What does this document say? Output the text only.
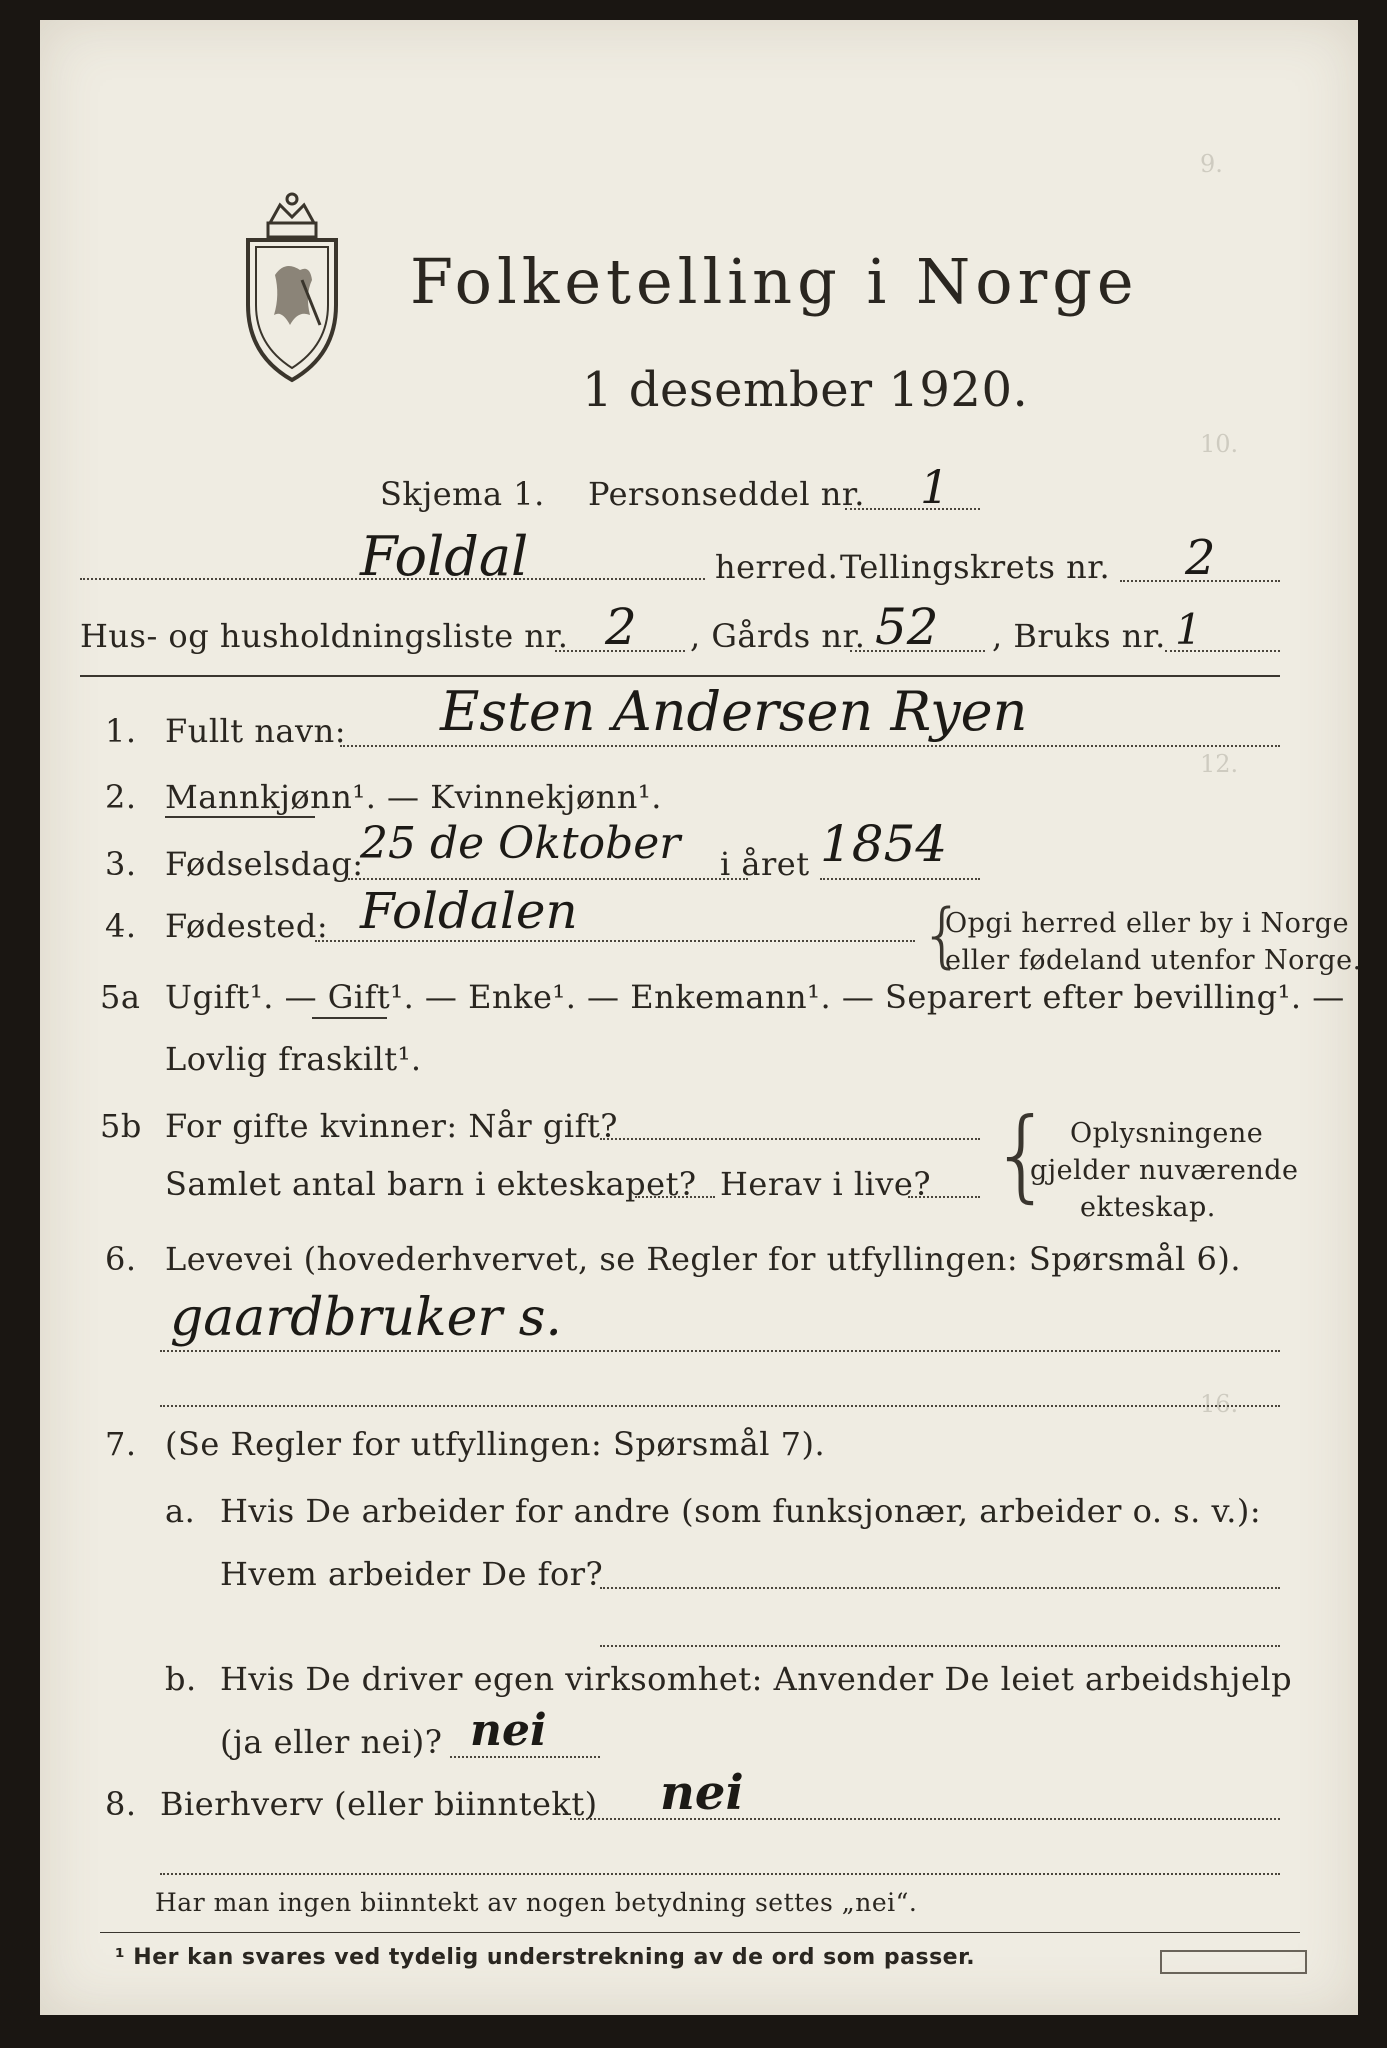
9.
10.
12.
16.
Folketelling i Norge
1 desember 1920.
Skjema 1. Personseddel nr. 1
Foldal	herred. Tellingskrets nr. 2
Hus- og husholdningsliste nr. 2 , Gårds nr. 52 , Bruks nr. 1
1. Fullt navn: Esten Andersen Ryen
2. Mannkjønn¹. — Kvinnekjønn¹.
3. Fødselsdag:
25 de Oktober i året 1854
4. Fødested: Foldalen	{
Opgi herred eller by i Norge
eller fødeland utenfor Norge.
5a Ugift¹. — Gift¹. — Enke¹. — Enkemann¹. — Separert efter bevilling¹. —
Lovlig fraskilt¹.
5b For gifte kvinner: Når gift?
Samlet antal barn i ekteskapet? Herav i live? { Oplysningene
gjelder nuværende
ekteskap.
6. Levevei (hovederhvervet, se Regler for utfyllingen: Spørsmål 6).
gaardbruker s.
7. (Se Regler for utfyllingen: Spørsmål 7).
a. Hvis De arbeider for andre (som funksjonær, arbeider o. s. v.):
Hvem arbeider De for?
b. Hvis De driver egen virksomhet: Anvender De leiet arbeidshjelp
(ja eller nei)? nei
8. Bierhverv (eller biinntekt) nei
Har man ingen biinntekt av nogen betydning settes „nei“.
¹ Her kan svares ved tydelig understrekning av de ord som passer.
